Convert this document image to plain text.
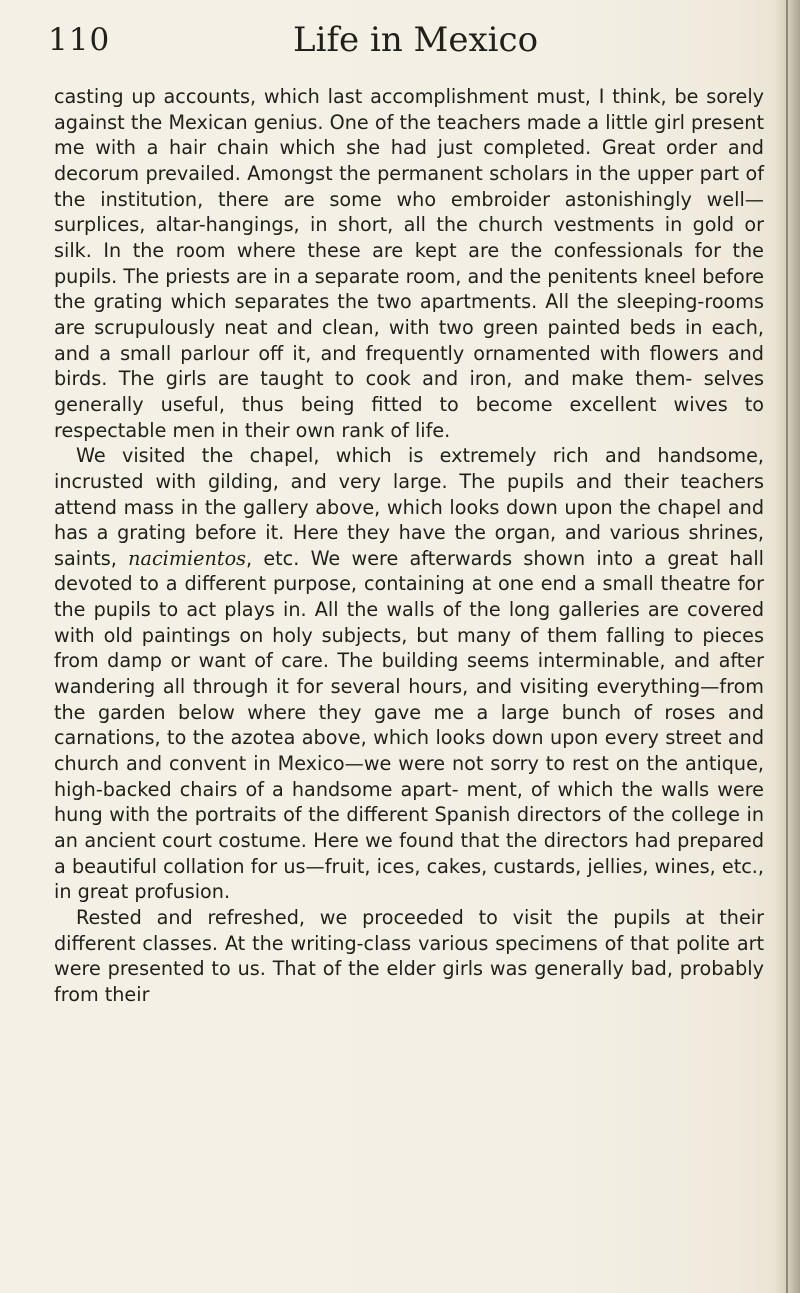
110	Life in Mexico

casting up accounts, which last accomplishment must, I think, be sorely against the Mexican genius. One of the teachers made a little girl present me with a hair chain which she had just completed. Great order and decorum prevailed. Amongst the permanent scholars in the upper part of the institution, there are some who embroider astonishingly well—surplices, altar-hangings, in short, all the church vestments in gold or silk. In the room where these are kept are the confessionals for the pupils. The priests are in a separate room, and the penitents kneel before the grating which separates the two apartments. All the sleeping-rooms are scrupulously neat and clean, with two green painted beds in each, and a small parlour off it, and frequently ornamented with flowers and birds. The girls are taught to cook and iron, and make them- selves generally useful, thus being fitted to become excellent wives to respectable men in their own rank of life.

We visited the chapel, which is extremely rich and handsome, incrusted with gilding, and very large. The pupils and their teachers attend mass in the gallery above, which looks down upon the chapel and has a grating before it. Here they have the organ, and various shrines, saints, nacimientos, etc. We were afterwards shown into a great hall devoted to a different purpose, containing at one end a small theatre for the pupils to act plays in. All the walls of the long galleries are covered with old paintings on holy subjects, but many of them falling to pieces from damp or want of care. The building seems interminable, and after wandering all through it for several hours, and visiting everything—from the garden below where they gave me a large bunch of roses and carnations, to the azotea above, which looks down upon every street and church and convent in Mexico—we were not sorry to rest on the antique, high-backed chairs of a handsome apart- ment, of which the walls were hung with the portraits of the different Spanish directors of the college in an ancient court costume. Here we found that the directors had prepared a beautiful collation for us—fruit, ices, cakes, custards, jellies, wines, etc., in great profusion.

Rested and refreshed, we proceeded to visit the pupils at their different classes. At the writing-class various specimens of that polite art were presented to us. That of the elder girls was generally bad, probably from their
